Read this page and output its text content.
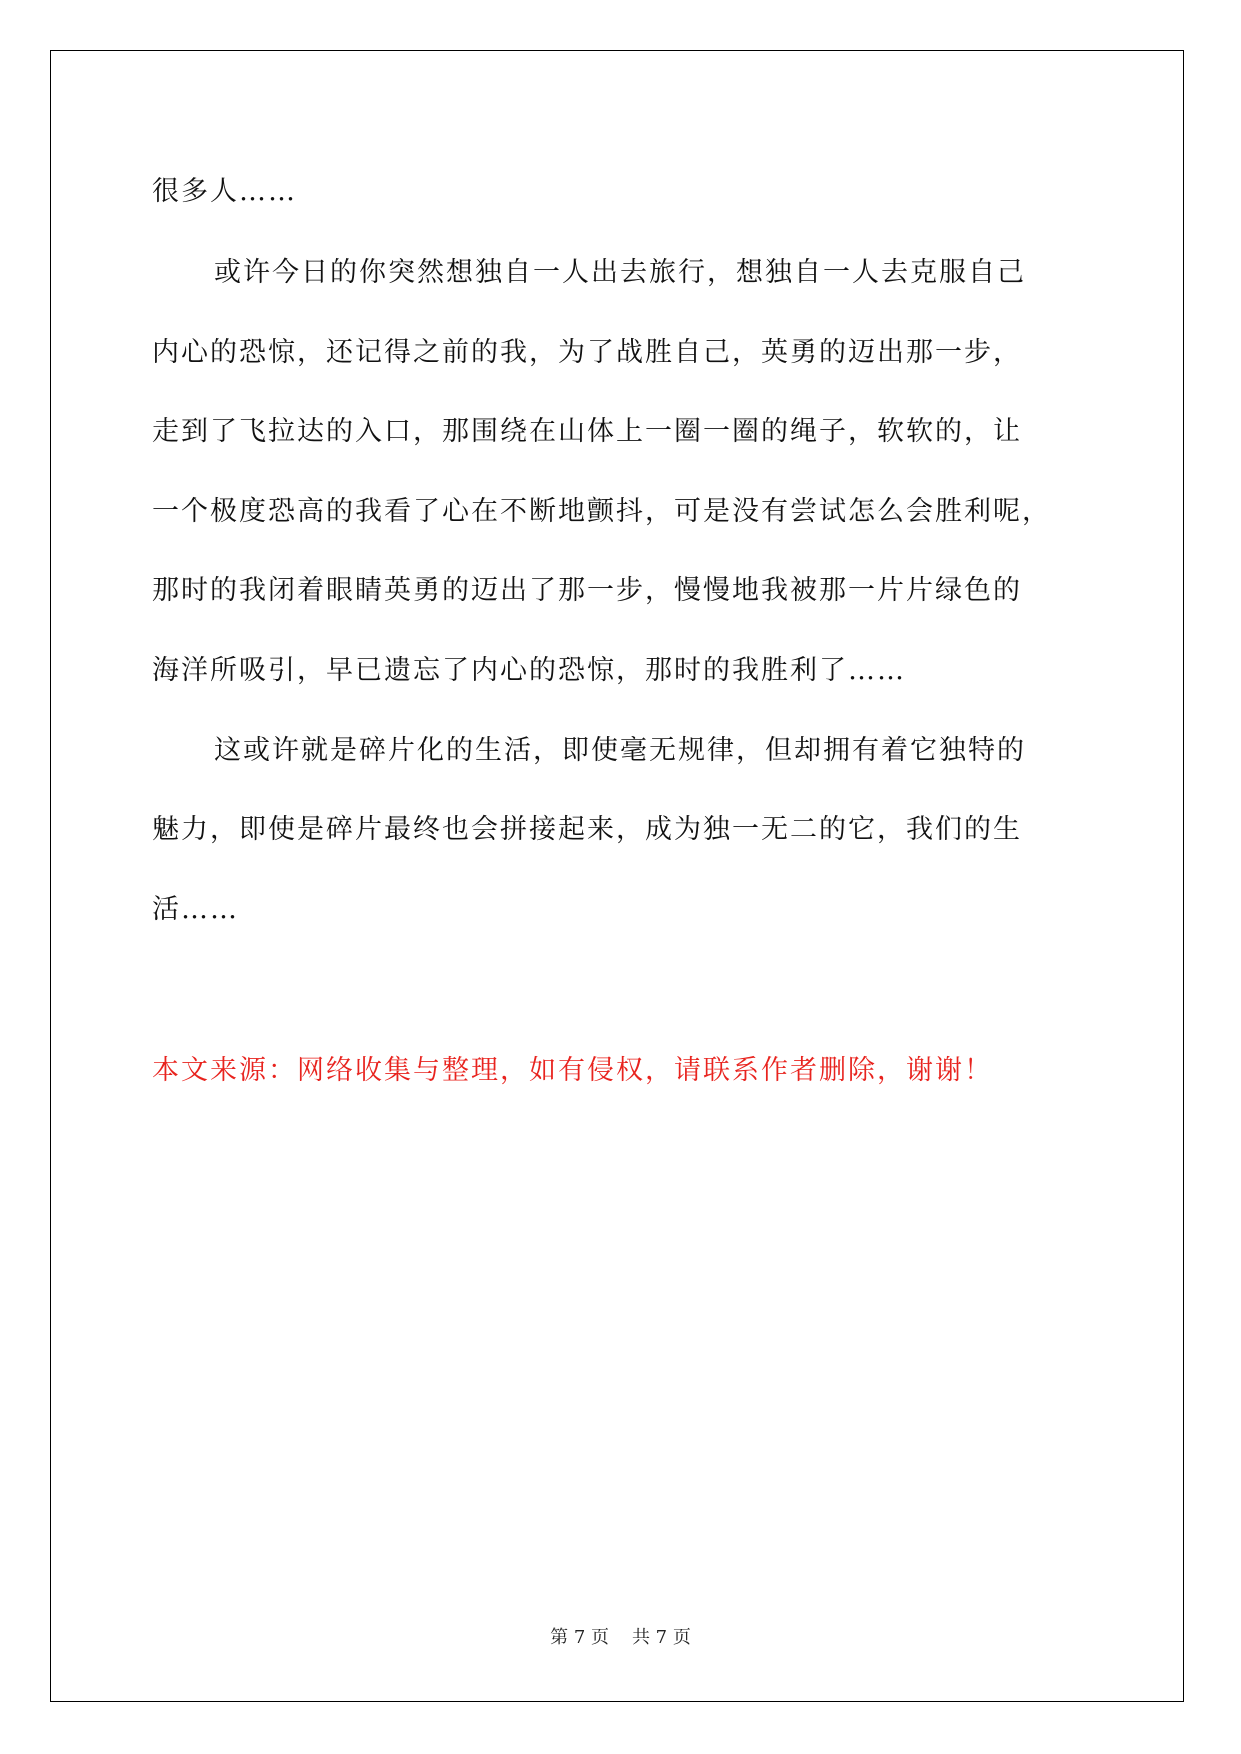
很多人……
或许今日的你突然想独自一人出去旅行，想独自一人去克服自己
内心的恐惊，还记得之前的我，为了战胜自己，英勇的迈出那一步，
走到了飞拉达的入口，那围绕在山体上一圈一圈的绳子，软软的，让
一个极度恐高的我看了心在不断地颤抖，可是没有尝试怎么会胜利呢，
那时的我闭着眼睛英勇的迈出了那一步，慢慢地我被那一片片绿色的
海洋所吸引，早已遗忘了内心的恐惊，那时的我胜利了……
这或许就是碎片化的生活，即使毫无规律，但却拥有着它独特的
魅力，即使是碎片最终也会拼接起来，成为独一无二的它，我们的生
活……
本文来源：网络收集与整理，如有侵权，请联系作者删除，谢谢！
第 7 页    共 7 页
